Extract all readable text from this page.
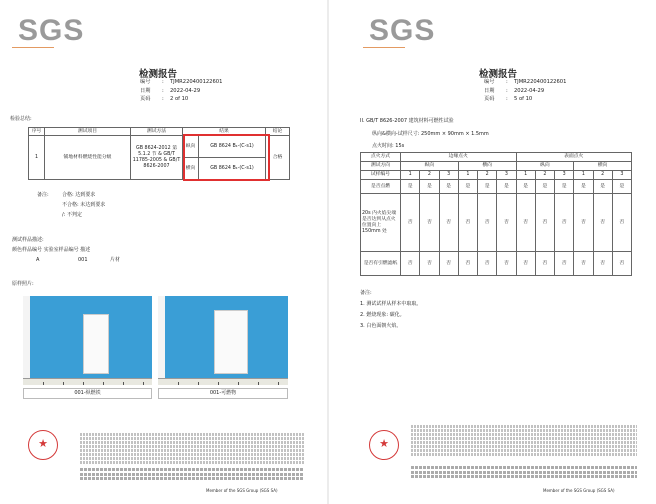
SGS
检测报告
编号 : TJMR220400122601
日期 : 2022-04-29
页码 : 2 of 10
检验总结:
序号	测试项目	测试方法	结果		结论
1	铺地材料燃烧性能分级	GB 8624-2012 第 5.1.2 节 & GB/T 11785-2005 & GB/T 8626-2007	纵向	GB 8624 B₁-(C-s1)	合格
			横向	GB 8624 B₁-(C-s1)	
备注:	合格: 达到要求
不合格: 未达到要求
/: 不判定
测试样品描述:
颜色样品编号 实验室样品编号 描述
A	001	片材
原样照片:
001-纵燃铁	001-可燃物
★
Member of the SGS Group (SGS SA)
SGS
检测报告
编号 : TJMR220400122601
日期 : 2022-04-29
页码 : 5 of 10
II. GB/T 8626-2007 建筑材料可燃性试验
纵向&横向-试样尺寸: 250mm × 90mm × 1.5mm
点火时间: 15s
点火方式	边缘点火						表面点火					
测试方向	纵向			横向			纵向			横向		
试样编号	1	2	3	1	2	3	1	2	3	1	2	3
是否点燃	是	是	是	是	是	是	是	是	是	是	是	是
20s 内火焰尖端是否达到从点火位置向上 150mm 处	否	否	否	否	否	否	否	否	否	否	否	否
是否有引燃滤纸	否	否	否	否	否	否	否	否	否	否	否	否
备注:
1. 测试试样从样本中取取。
2. 燃烧现象: 碳化。
3. 白色面朝火焰。
★
Member of the SGS Group (SGS SA)
